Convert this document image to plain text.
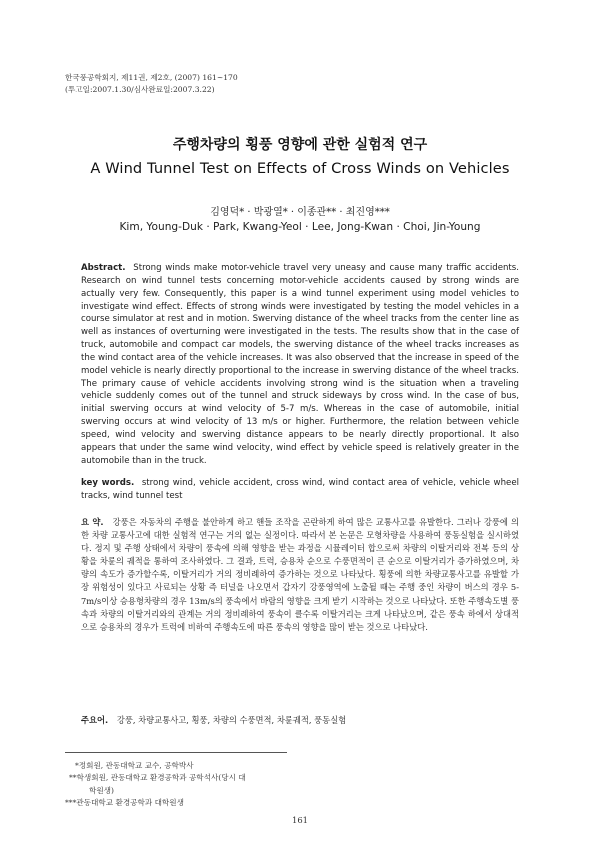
한국풍공학회지, 제11권, 제2호, (2007) 161~170
(투고일:2007.1.30/심사완료일:2007.3.22)
주행차량의 횡풍 영향에 관한 실험적 연구
A Wind Tunnel Test on Effects of Cross Winds on Vehicles
김영덕* · 박광열* · 이종관** · 최진영***
Kim, Young-Duk · Park, Kwang-Yeol · Lee, Jong-Kwan · Choi, Jin-Young
Abstract. Strong winds make motor-vehicle travel very uneasy and cause many traffic accidents. Research on wind tunnel tests concerning motor-vehicle accidents caused by strong winds are actually very few. Consequently, this paper is a wind tunnel experiment using model vehicles to investigate wind effect. Effects of strong winds were investigated by testing the model vehicles in a course simulator at rest and in motion. Swerving distance of the wheel tracks from the center line as well as instances of overturning were investigated in the tests. The results show that in the case of truck, automobile and compact car models, the swerving distance of the wheel tracks increases as the wind contact area of the vehicle increases. It was also observed that the increase in speed of the model vehicle is nearly directly proportional to the increase in swerving distance of the wheel tracks. The primary cause of vehicle accidents involving strong wind is the situation when a traveling vehicle suddenly comes out of the tunnel and struck sideways by cross wind. In the case of bus, initial swerving occurs at wind velocity of 5-7 m/s. Whereas in the case of automobile, initial swerving occurs at wind velocity of 13 m/s or higher. Furthermore, the relation between vehicle speed, wind velocity and swerving distance appears to be nearly directly proportional. It also appears that under the same wind velocity, wind effect by vehicle speed is relatively greater in the automobile than in the truck.
key words. strong wind, vehicle accident, cross wind, wind contact area of vehicle, vehicle wheel tracks, wind tunnel test
요 약. 강풍은 자동차의 주행을 불안하게 하고 핸들 조작을 곤란하게 하여 많은 교통사고를 유발한다. 그러나 강풍에 의한 차량 교통사고에 대한 실험적 연구는 거의 없는 실정이다. 따라서 본 논문은 모형차량을 사용하여 풍동실험을 실시하였다. 정지 및 주행 상태에서 차량이 풍속에 의해 영향을 받는 과정을 시뮬레이터 합으로써 차량의 이탈거리와 전복 등의 상황을 차륜의 궤적을 통하여 조사하였다. 그 결과, 트럭, 승용차 순으로 수풍면적이 큰 순으로 이탈거리가 증가하였으며, 차량의 속도가 증가할수록, 이탈거리가 거의 정비례하여 증가하는 것으로 나타났다. 횡풍에 의한 차량교통사고를 유발할 가장 위험성이 있다고 사료되는 상황 즉 터널을 나오면서 갑자기 강풍영역에 노출될 때는 주행 중인 차량이 버스의 경우 5-7m/s이상 승용형차량의 경우 13m/s의 풍속에서 바람의 영향을 크게 받기 시작하는 것으로 나타났다. 또한 주행속도별 풍속과 차량의 이탈거리와의 관계는 거의 정비례하여 풍속이 클수록 이탈거리는 크게 나타났으며, 같은 풍속 하에서 상대적으로 승용차의 경우가 트럭에 비하여 주행속도에 따른 풍속의 영향을 많이 받는 것으로 나타났다.
주요어. 강풍, 차량교통사고, 횡풍, 차량의 수풍면적, 차륜궤적, 풍동실험
*정회원, 관동대학교 교수, 공학박사
**학생회원, 관동대학교 환경공학과 공학석사(당시 대
학원생)
***관동대학교 환경공학과 대학원생
161
